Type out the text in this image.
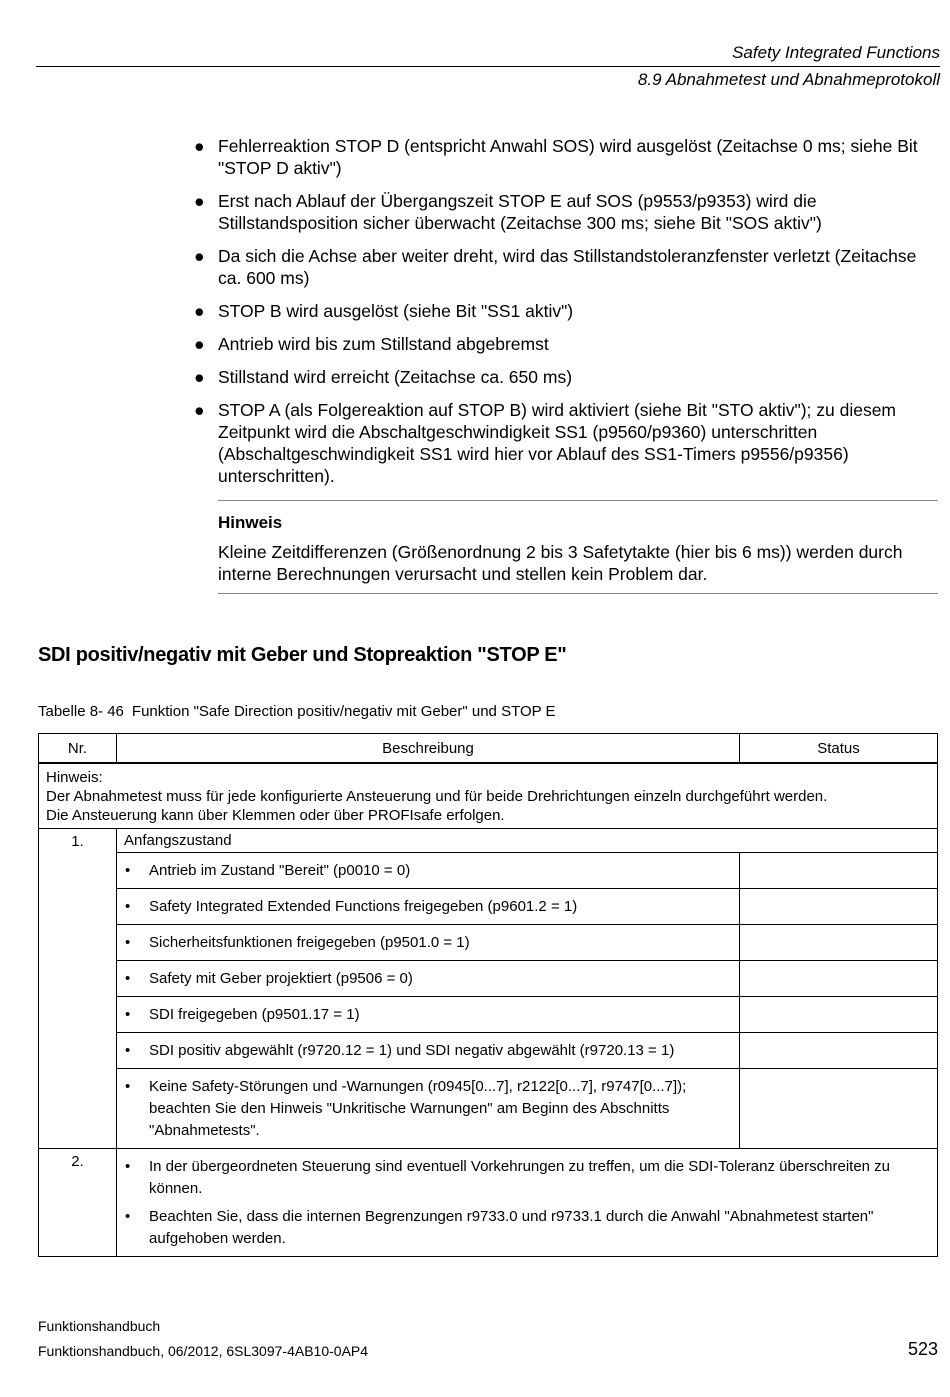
Safety Integrated Functions
8.9 Abnahmetest und Abnahmeprotokoll
● Fehlerreaktion STOP D (entspricht Anwahl SOS) wird ausgelöst (Zeitachse 0 ms; siehe Bit "STOP D aktiv")
● Erst nach Ablauf der Übergangszeit STOP E auf SOS (p9553/p9353) wird die Stillstandsposition sicher überwacht (Zeitachse 300 ms; siehe Bit "SOS aktiv")
● Da sich die Achse aber weiter dreht, wird das Stillstandstoleranzfenster verletzt (Zeitachse ca. 600 ms)
● STOP B wird ausgelöst (siehe Bit "SS1 aktiv")
● Antrieb wird bis zum Stillstand abgebremst
● Stillstand wird erreicht (Zeitachse ca. 650 ms)
● STOP A (als Folgereaktion auf STOP B) wird aktiviert (siehe Bit "STO aktiv"); zu diesem Zeitpunkt wird die Abschaltgeschwindigkeit SS1 (p9560/p9360) unterschritten (Abschaltgeschwindigkeit SS1 wird hier vor Ablauf des SS1-Timers p9556/p9356) unterschritten).
Hinweis
Kleine Zeitdifferenzen (Größenordnung 2 bis 3 Safetytakte (hier bis 6 ms)) werden durch interne Berechnungen verursacht und stellen kein Problem dar.
SDI positiv/negativ mit Geber und Stopreaktion "STOP E"
Tabelle 8- 46 Funktion "Safe Direction positiv/negativ mit Geber" und STOP E
Nr.	Beschreibung	Status

Hinweis:
Der Abnahmetest muss für jede konfigurierte Ansteuerung und für beide Drehrichtungen einzeln durchgeführt werden.
Die Ansteuerung kann über Klemmen oder über PROFIsafe erfolgen.		

1.	Anfangszustand	

	• Antrieb im Zustand "Bereit" (p0010 = 0)	

	• Safety Integrated Extended Functions freigegeben (p9601.2 = 1)	

	• Sicherheitsfunktionen freigegeben (p9501.0 = 1)	

	• Safety mit Geber projektiert (p9506 = 0)	

	• SDI freigegeben (p9501.17 = 1)	

	• SDI positiv abgewählt (r9720.12 = 1) und SDI negativ abgewählt (r9720.13 = 1)	

	• Keine Safety-Störungen und -Warnungen (r0945[0...7], r2122[0...7], r9747[0...7]); beachten Sie den Hinweis "Unkritische Warnungen" am Beginn des Abschnitts "Abnahmetests".	
2.	• In der übergeordneten Steuerung sind eventuell Vorkehrungen zu treffen, um die SDI-Toleranz überschreiten zu können.
• Beachten Sie, dass die internen Begrenzungen r9733.0 und r9733.1 durch die Anwahl "Abnahmetest starten" aufgehoben werden.	
Funktionshandbuch
Funktionshandbuch, 06/2012, 6SL3097-4AB10-0AP4	523
